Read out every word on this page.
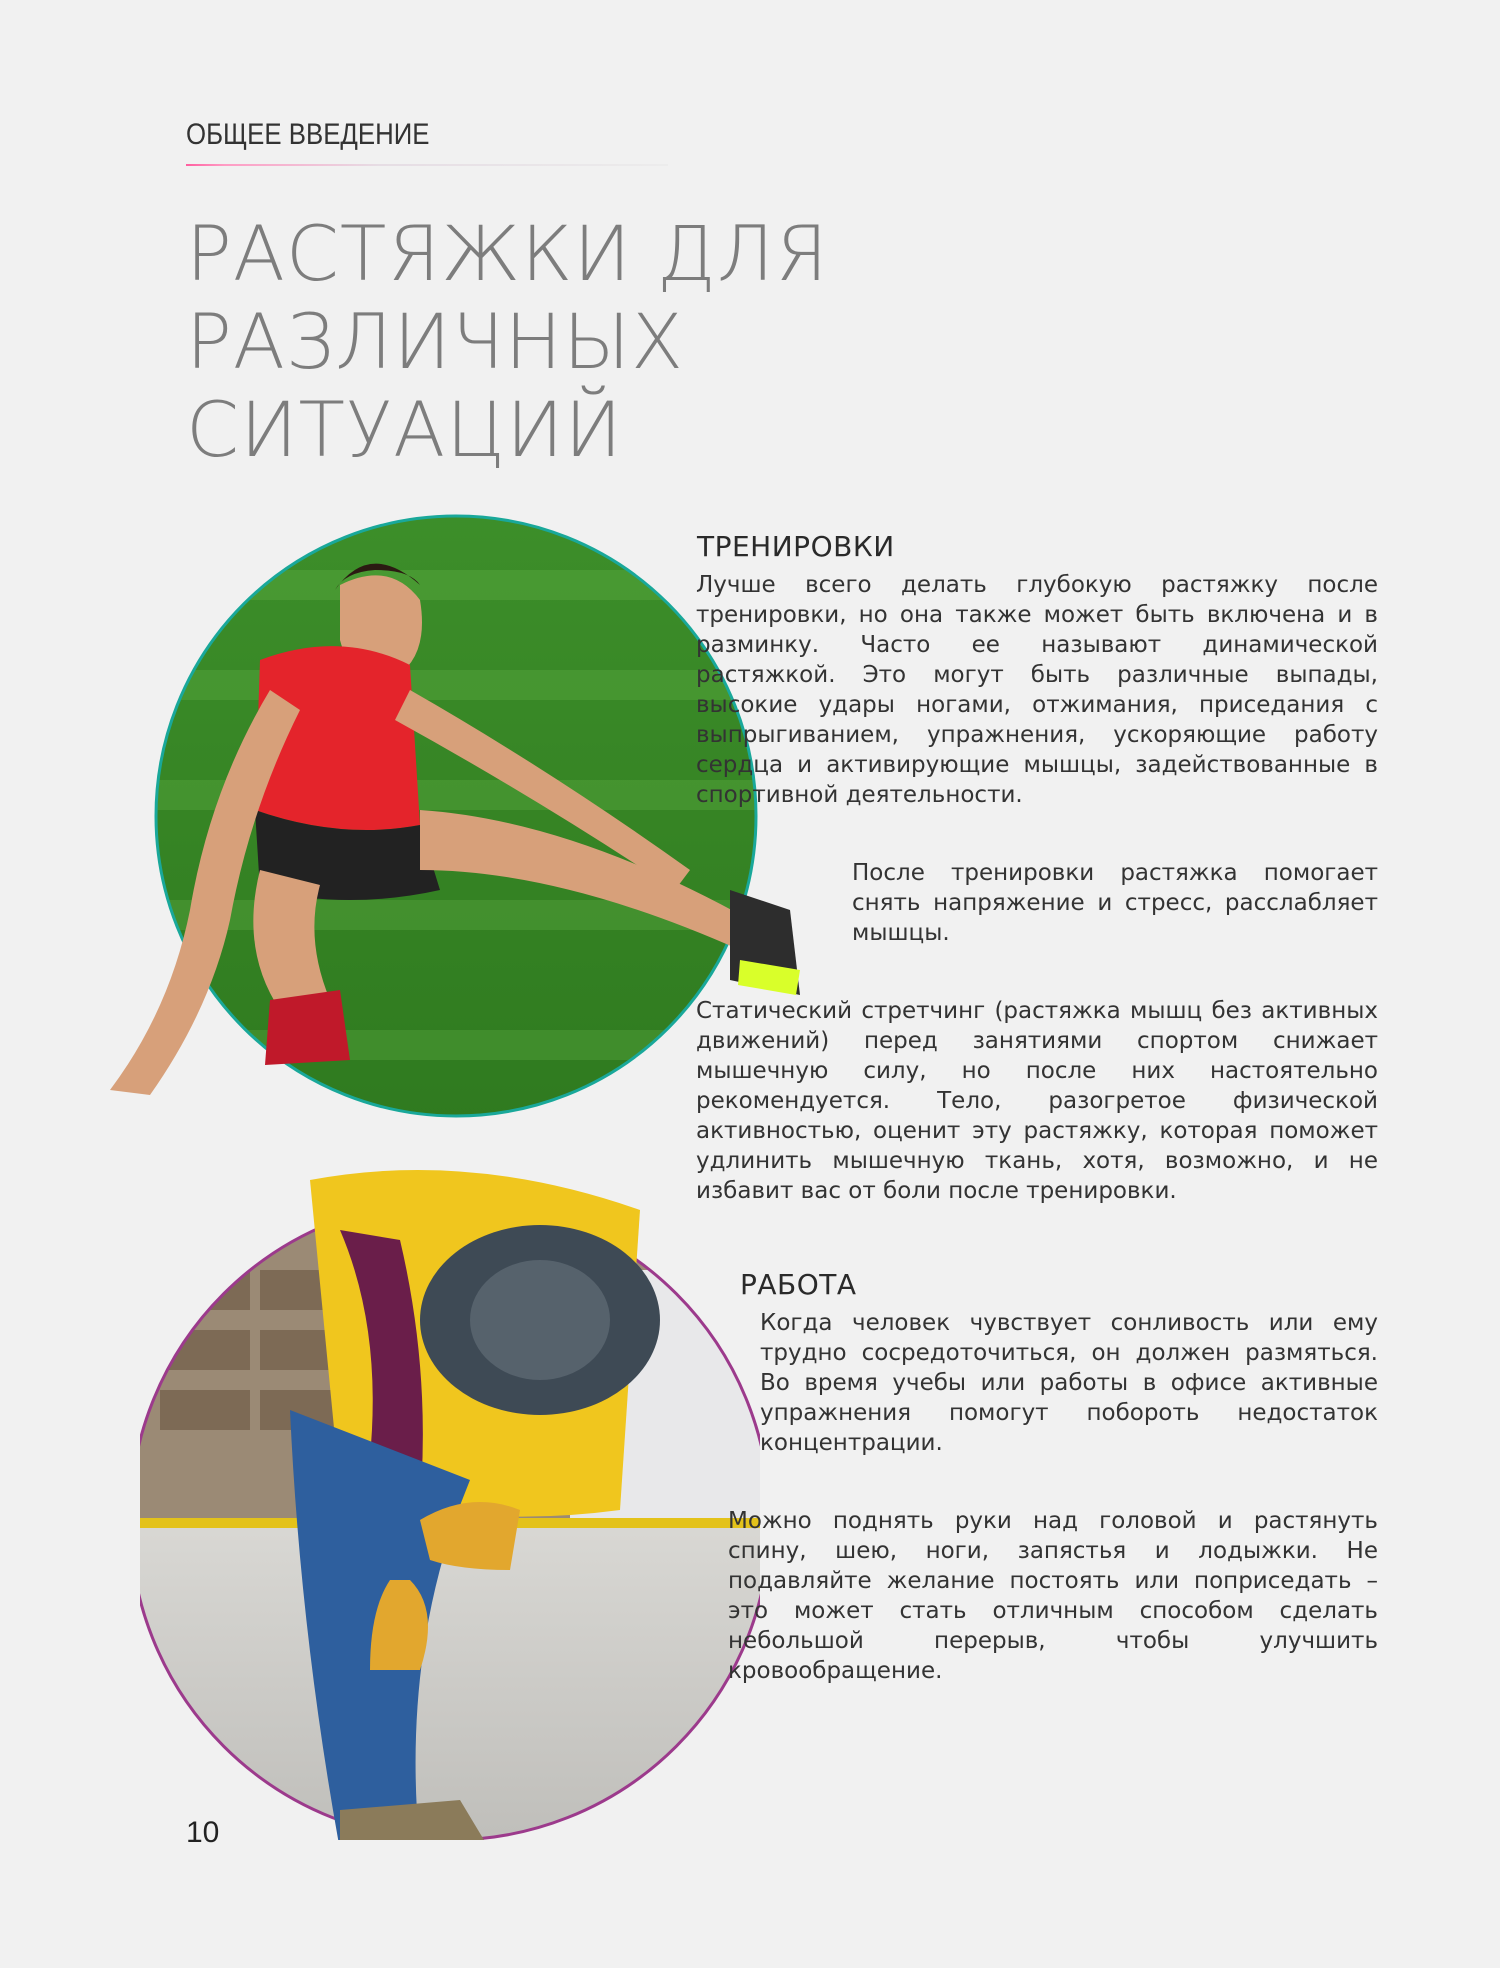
ОБЩЕЕ ВВЕДЕНИЕ
РАСТЯЖКИ ДЛЯ РАЗЛИЧНЫХ
СИТУАЦИЙ
ТРЕНИРОВКИ

Лучше всего делать глубокую растяжку после тренировки, но она также может быть включена и в разминку. Часто ее называют динамической растяжкой. Это могут быть различные выпады, высокие удары ногами, отжимания, приседания с выпрыгиванием, упражнения, ускоряющие работу сердца и активирующие мышцы, задействованные в спортивной деятельности.

После тренировки растяжка помогает снять напряжение и стресс, расслабляет мышцы.

Статический стретчинг (растяжка мышц без активных движений) перед занятиями спортом снижает мышечную силу, но после них настоятельно рекомендуется. Тело, разогретое физической активностью, оценит эту растяжку, которая поможет удлинить мышечную ткань, хотя, возможно, и не избавит вас от боли после тренировки.

РАБОТА

Когда человек чувствует сонливость или ему трудно сосредоточиться, он должен размяться. Во время учебы или работы в офисе активные упражнения помогут побороть недостаток концентрации.

Можно поднять руки над головой и растянуть спину, шею, ноги, запястья и лодыжки. Не подавляйте желание постоять или поприседать – это может стать отличным способом сделать небольшой перерыв, чтобы улучшить кровообращение.

10
